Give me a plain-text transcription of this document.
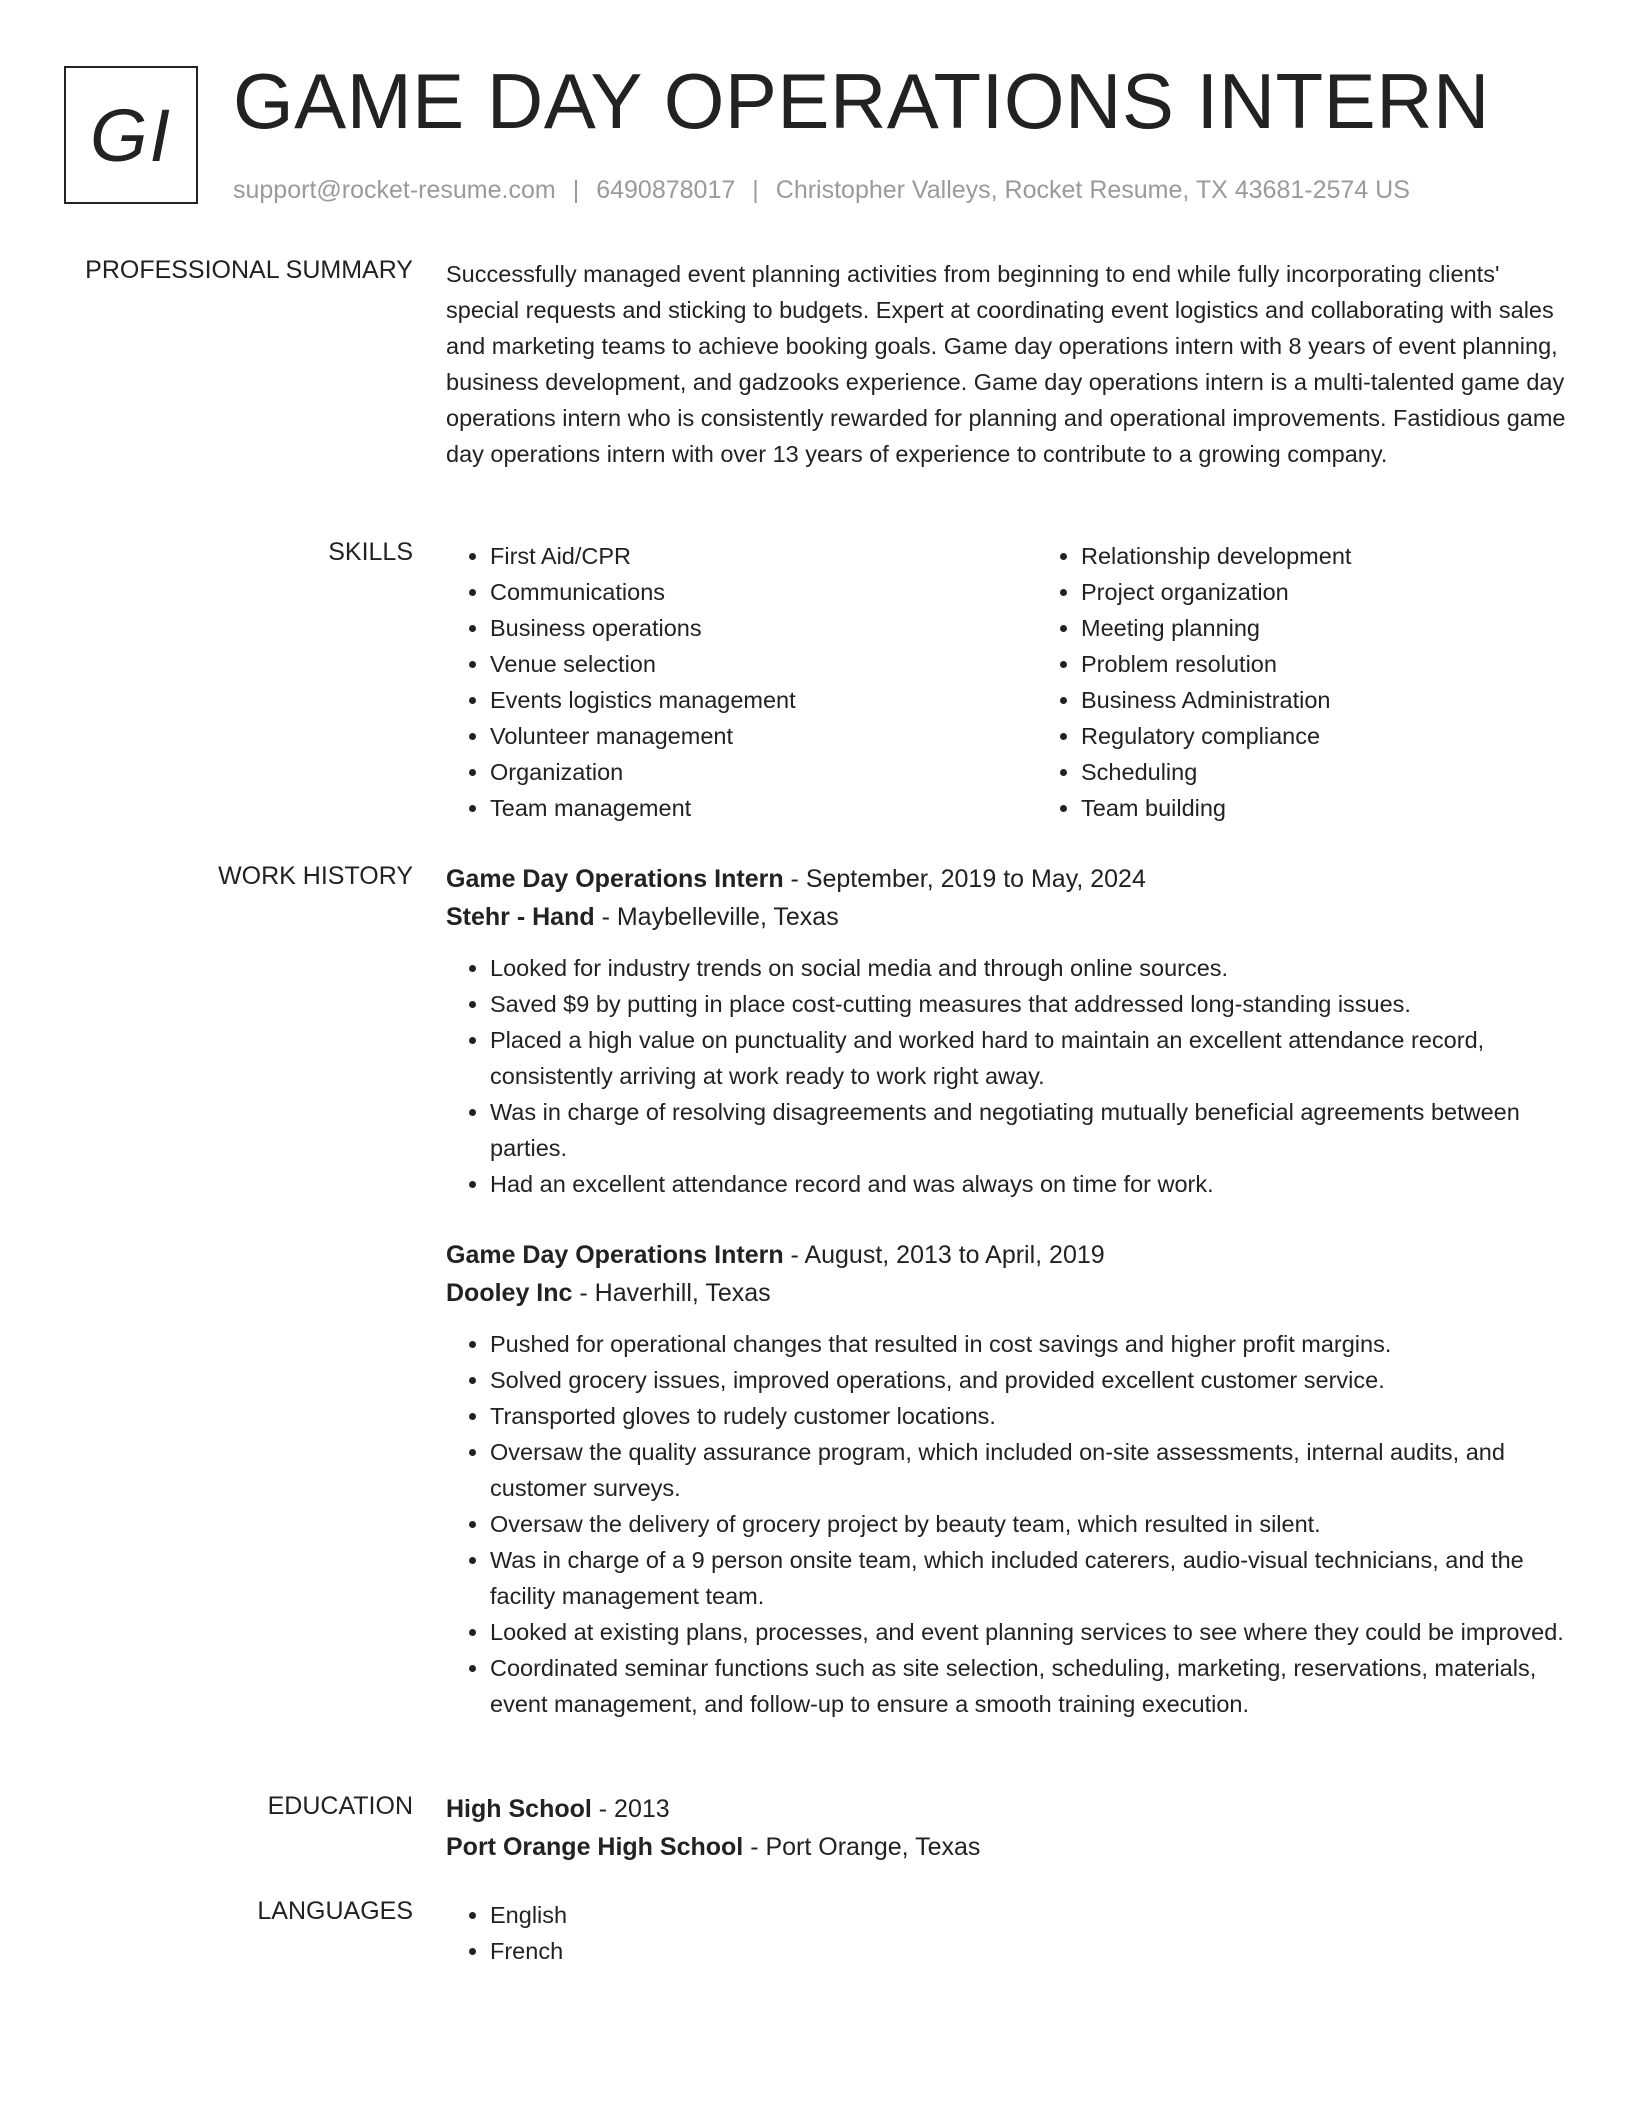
GI GAME DAY OPERATIONS INTERN
support@rocket-resume.com | 6490878017 | Christopher Valleys, Rocket Resume, TX 43681-2574 US
PROFESSIONAL SUMMARY Successfully managed event planning activities from beginning to end while fully incorporating clients' special requests and sticking to budgets. Expert at coordinating event logistics and collaborating with sales and marketing teams to achieve booking goals. Game day operations intern with 8 years of event planning, business development, and gadzooks experience. Game day operations intern is a multi-talented game day operations intern who is consistently rewarded for planning and operational improvements. Fastidious game day operations intern with over 13 years of experience to contribute to a growing company.

SKILLS	• First Aid/CPR
• Communications
• Business operations
• Venue selection
• Events logistics management
• Volunteer management
• Organization
• Team management
• Relationship development
• Project organization
• Meeting planning
• Problem resolution
• Business Administration
• Regulatory compliance
• Scheduling
• Team building
WORK HISTORY Game Day Operations Intern - September, 2019 to May, 2024
Stehr - Hand - Maybelleville, Texas
• Looked for industry trends on social media and through online sources.
• Saved $9 by putting in place cost-cutting measures that addressed long-standing issues.
• Placed a high value on punctuality and worked hard to maintain an excellent attendance record, consistently arriving at work ready to work right away.
• Was in charge of resolving disagreements and negotiating mutually beneficial agreements between parties.
• Had an excellent attendance record and was always on time for work.
Game Day Operations Intern - August, 2013 to April, 2019
Dooley Inc - Haverhill, Texas
• Pushed for operational changes that resulted in cost savings and higher profit margins.
• Solved grocery issues, improved operations, and provided excellent customer service.
• Transported gloves to rudely customer locations.
• Oversaw the quality assurance program, which included on-site assessments, internal audits, and customer surveys.
• Oversaw the delivery of grocery project by beauty team, which resulted in silent.
• Was in charge of a 9 person onsite team, which included caterers, audio-visual technicians, and the facility management team.
• Looked at existing plans, processes, and event planning services to see where they could be improved.
• Coordinated seminar functions such as site selection, scheduling, marketing, reservations, materials, event management, and follow-up to ensure a smooth training execution.
EDUCATION High School - 2013
Port Orange High School - Port Orange, Texas
LANGUAGES	• English
• French
